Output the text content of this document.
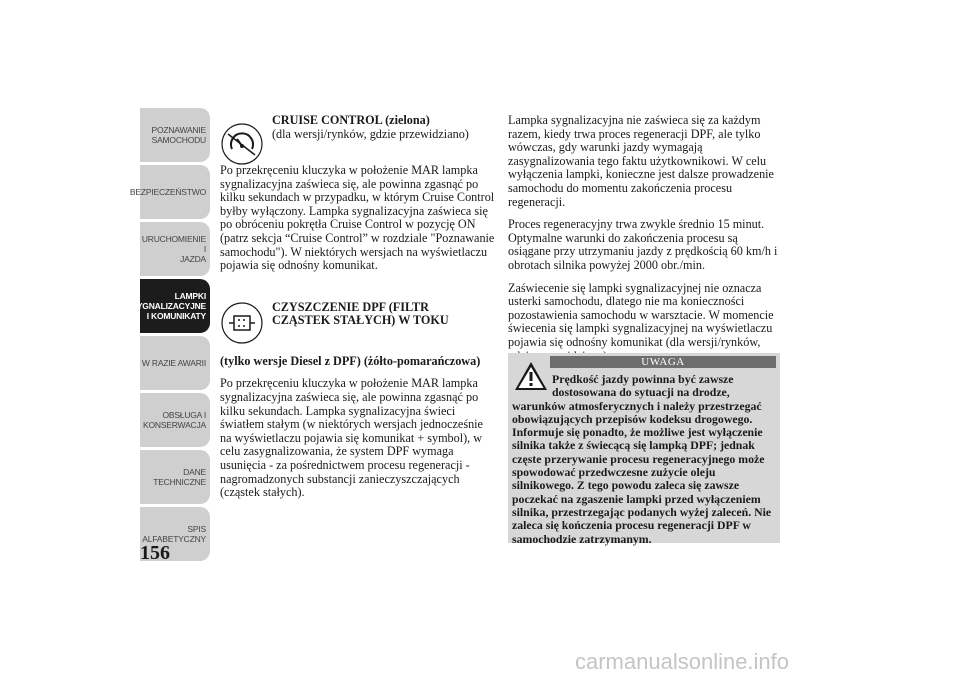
POZNAWANIE
SAMOCHODU
BEZPIECZEŃSTWO
URUCHOMIENIE I
JAZDA
LAMPKI
SYGNALIZACYJNE
I KOMUNIKATY
W RAZIE AWARII
OBSŁUGA I
KONSERWACJA
DANE
TECHNICZNE
SPIS
ALFABETYCZNY
156
CRUISE CONTROL (zielona)
(dla wersji/rynków, gdzie przewidziano)

Po przekręceniu kluczyka w położenie MAR lampka sygnalizacyjna zaświeca się, ale powinna zgasnąć po kilku sekundach w przypadku, w którym Cruise Control byłby wyłączony. Lampka sygnalizacyjna zaświeca się po obróceniu pokrętła Cruise Control w pozycję ON (patrz sekcja “Cruise Control” w rozdziale "Poznawanie samochodu"). W niektórych wersjach na wyświetlaczu pojawia się odnośny komunikat.

CZYSZCZENIE DPF (FILTR
CZĄSTEK STAŁYCH) W TOKU

(tylko wersje Diesel z DPF) (żółto-pomarańczowa)

Po przekręceniu kluczyka w położenie MAR lampka sygnalizacyjna zaświeca się, ale powinna zgasnąć po kilku sekundach. Lampka sygnalizacyjna świeci światłem stałym (w niektórych wersjach jednocześnie na wyświetlaczu pojawia się komunikat + symbol), w celu zasygnalizowania, że system DPF wymaga usunięcia - za pośrednictwem procesu regeneracji - nagromadzonych substancji zanieczyszczających (cząstek stałych).

Lampka sygnalizacyjna nie zaświeca się za każdym razem, kiedy trwa proces regeneracji DPF, ale tylko wówczas, gdy warunki jazdy wymagają zasygnalizowania tego faktu użytkownikowi. W celu wyłączenia lampki, konieczne jest dalsze prowadzenie samochodu do momentu zakończenia procesu regeneracji.

Proces regeneracyjny trwa zwykle średnio 15 minut. Optymalne warunki do zakończenia procesu są osiągane przy utrzymaniu jazdy z prędkością 60 km/h i obrotach silnika powyżej 2000 obr./min.

Zaświecenie się lampki sygnalizacyjnej nie oznacza usterki samochodu, dlatego nie ma konieczności pozostawienia samochodu w warsztacie. W momencie świecenia się lampki sygnalizacyjnej na wyświetlaczu pojawia się odnośny komunikat (dla wersji/rynków,

UWAGA
Prędkość jazdy powinna być zawsze dostosowana do sytuacji na drodze,
warunków atmosferycznych i należy przestrzegać obowiązujących przepisów kodeksu drogowego. Informuje się ponadto, że możliwe jest wyłączenie silnika także z świecącą się lampką DPF; jednak częste przerywanie procesu regeneracyjnego może spowodować przedwczesne zużycie oleju silnikowego. Z tego powodu zaleca się zawsze poczekać na zgaszenie lampki przed wyłączeniem silnika, przestrzegając podanych wyżej zaleceń. Nie zaleca się kończenia procesu regeneracji DPF w samochodzie zatrzymanym.
carmanualsonline.info
